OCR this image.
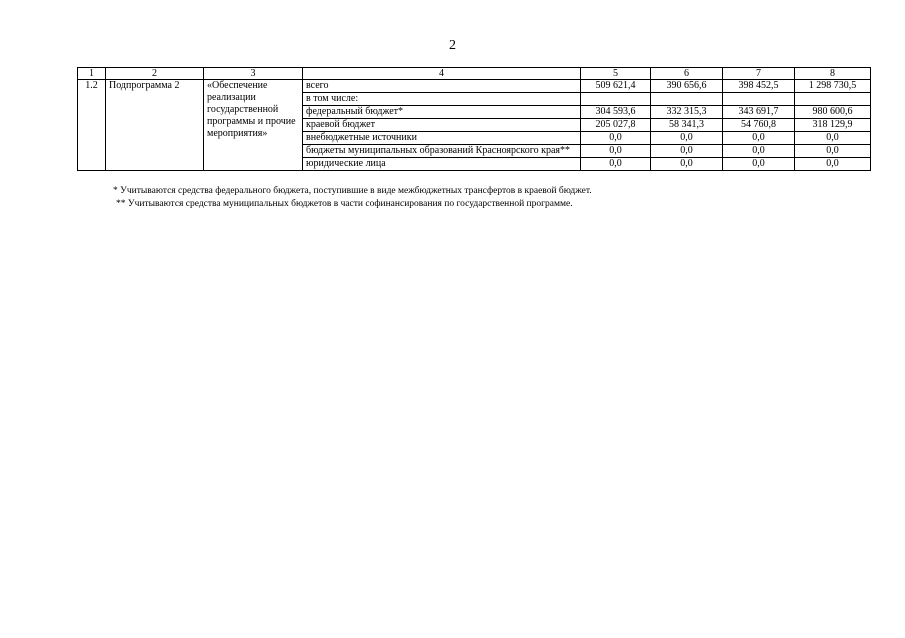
2
1	2	3	4	5	6	7	8
1.2	Подпрограмма 2	«Обеспечение реализации государственной программы и прочие мероприятия»	всего	509 621,4	390 656,6	398 452,5	1 298 730,5
			в том числе:				
			федеральный бюджет*	304 593,6	332 315,3	343 691,7	980 600,6
			краевой бюджет	205 027,8	58 341,3	54 760,8	318 129,9
			внебюджетные источники	0,0	0,0	0,0	0,0
			бюджеты муниципальных образований Красноярского края**	0,0	0,0	0,0	0,0
			юридические лица	0,0	0,0	0,0	0,0
* Учитываются средства федерального бюджета, поступившие в виде межбюджетных трансфертов в краевой бюджет.
** Учитываются средства муниципальных бюджетов в части софинансирования по государственной программе.
